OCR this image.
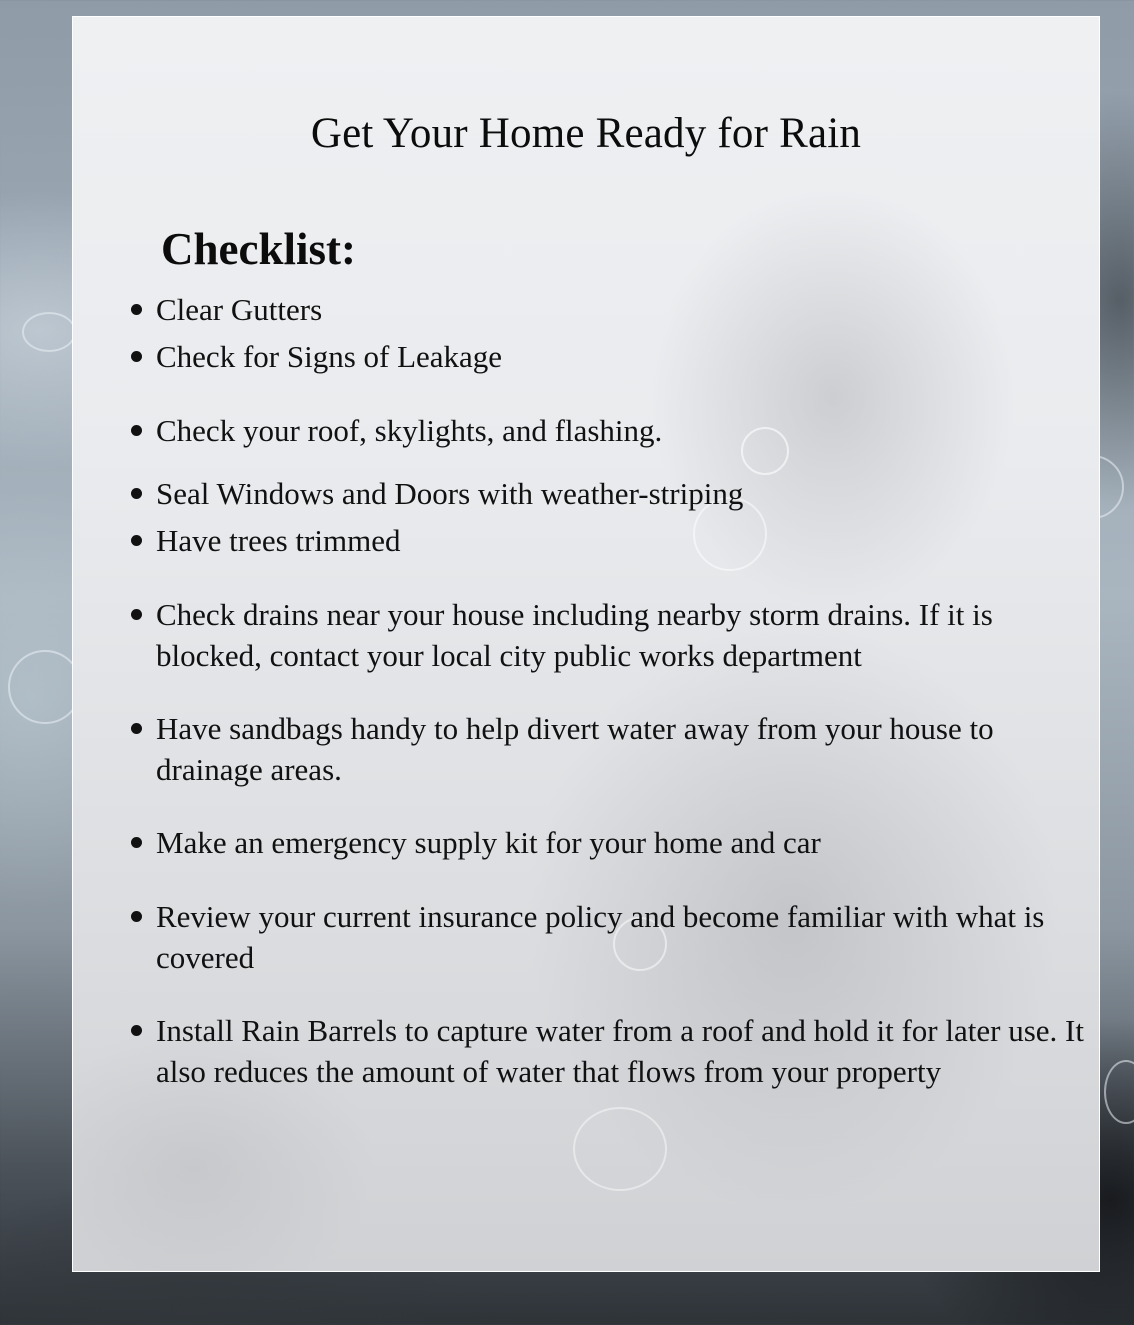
Get Your Home Ready for Rain
Checklist:
Clear Gutters
Check for Signs of Leakage
Check your roof, skylights, and flashing.
Seal Windows and Doors with weather-striping
Have trees trimmed
Check drains near your house including nearby storm drains. If it is blocked, contact your local city public works department
Have sandbags handy to help divert water away from your house to drainage areas.
Make an emergency supply kit for your home and car
Review your current insurance policy and become familiar with what is covered
Install Rain Barrels to capture water from a roof and hold it for later use. It also reduces the amount of water that flows from your property
